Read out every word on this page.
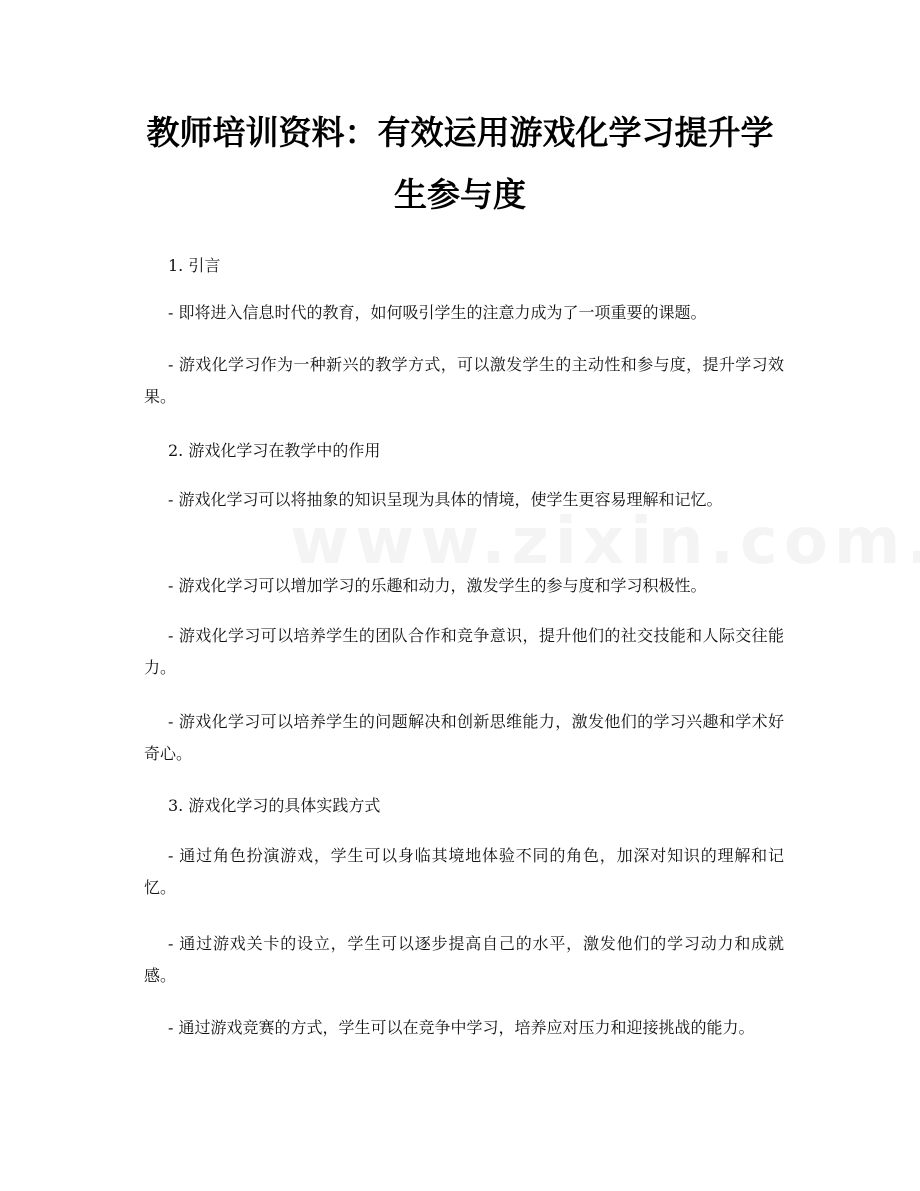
教师培训资料：有效运用游戏化学习提升学
生参与度

1. 引言

- 即将进入信息时代的教育，如何吸引学生的注意力成为了一项重要的课题。

- 游戏化学习作为一种新兴的教学方式，可以激发学生的主动性和参与度，提升学习效果。

2. 游戏化学习在教学中的作用

- 游戏化学习可以将抽象的知识呈现为具体的情境，使学生更容易理解和记忆。

- 游戏化学习可以增加学习的乐趣和动力，激发学生的参与度和学习积极性。

- 游戏化学习可以培养学生的团队合作和竞争意识，提升他们的社交技能和人际交往能力。

- 游戏化学习可以培养学生的问题解决和创新思维能力，激发他们的学习兴趣和学术好奇心。

3. 游戏化学习的具体实践方式

- 通过角色扮演游戏，学生可以身临其境地体验不同的角色，加深对知识的理解和记忆。

- 通过游戏关卡的设立，学生可以逐步提高自己的水平，激发他们的学习动力和成就感。

- 通过游戏竞赛的方式，学生可以在竞争中学习，培养应对压力和迎接挑战的能力。
